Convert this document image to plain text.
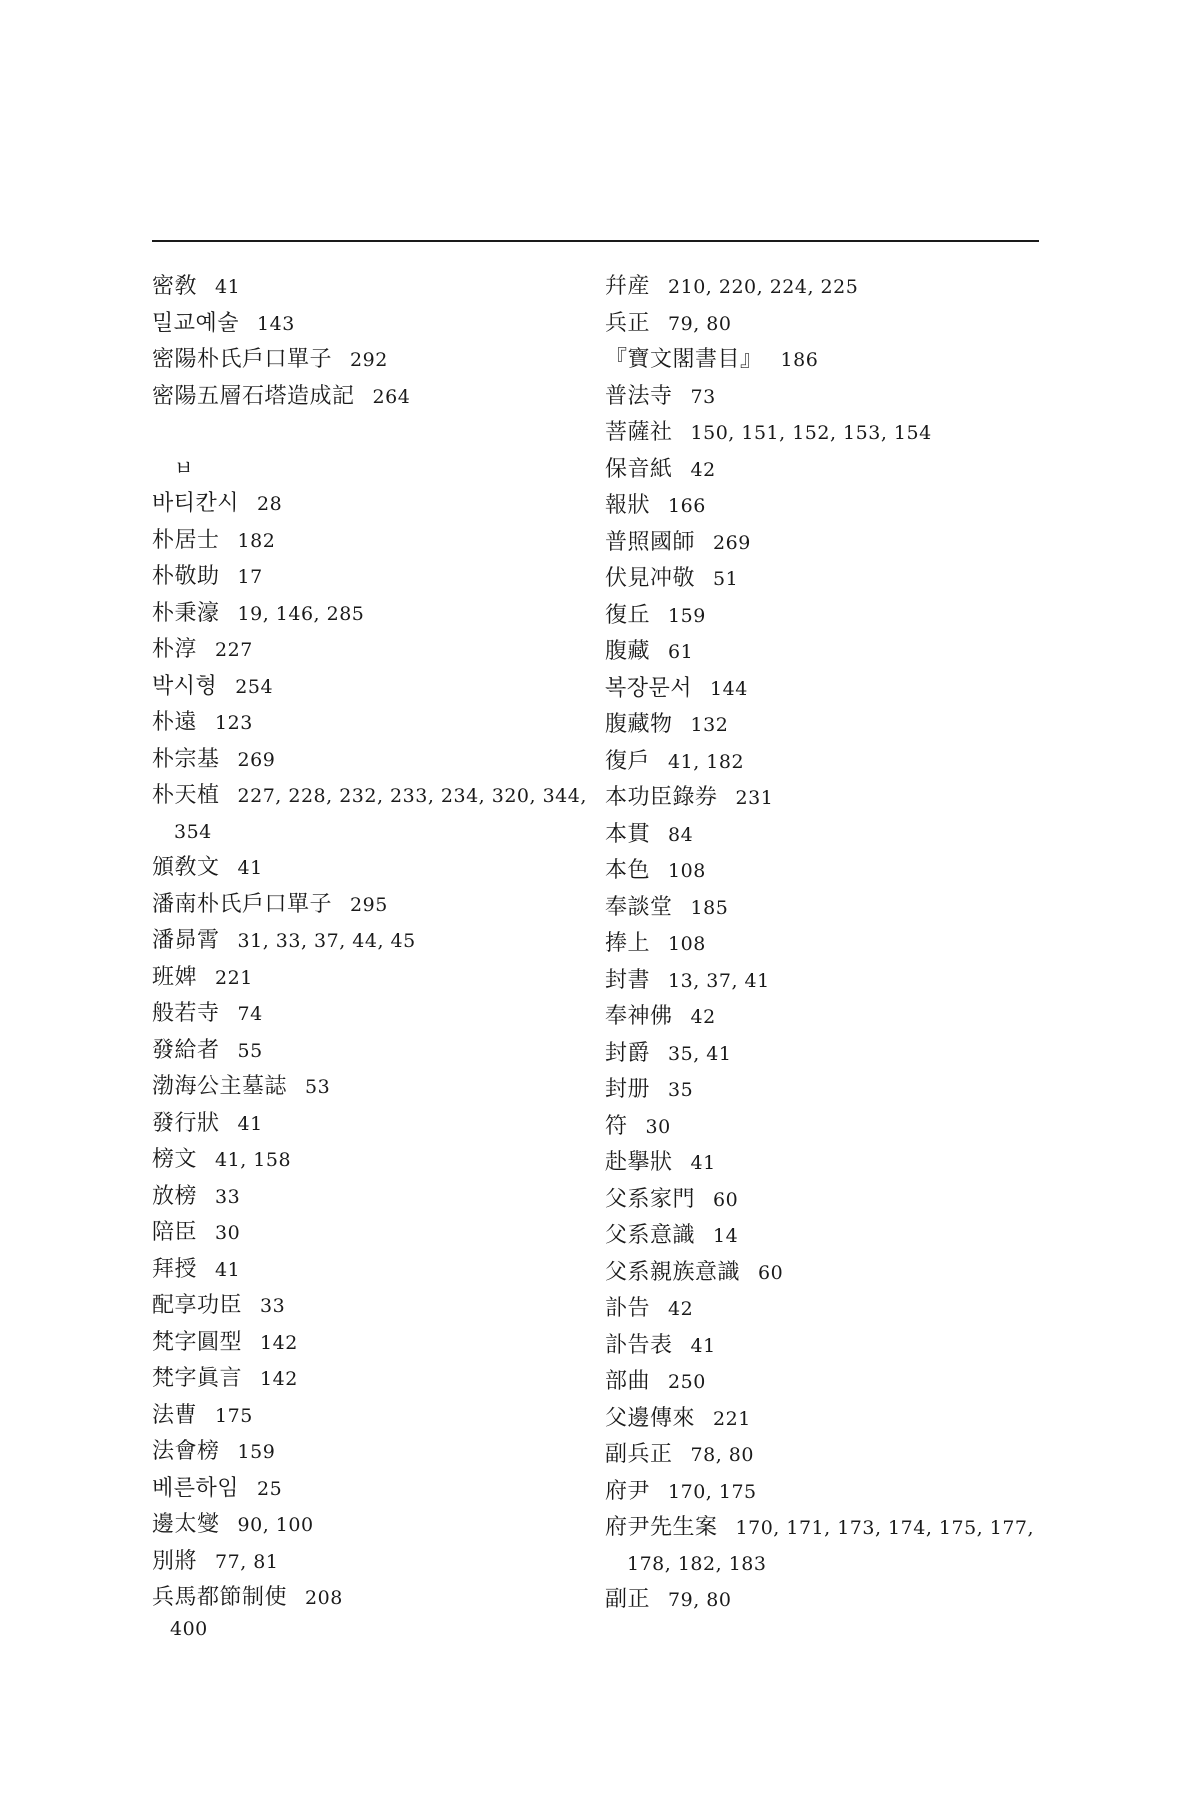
密敎 41
밀교예술 143
密陽朴氏戶口單子 292
密陽五層石塔造成記 264
ㅂ
바티칸시 28
朴居士 182
朴敬助 17
朴秉濠 19, 146, 285
朴淳 227
박시형 254
朴遠 123
朴宗基 269
朴天植 227, 228, 232, 233, 234, 320, 344,
354
頒敎文 41
潘南朴氏戶口單子 295
潘昴霄 31, 33, 37, 44, 45
班婢 221
般若寺 74
發給者 55
渤海公主墓誌 53
發行狀 41
榜文 41, 158
放榜 33
陪臣 30
拜授 41
配享功臣 33
梵字圓型 142
梵字眞言 142
法曹 175
法會榜 159
베른하임 25
邊太燮 90, 100
別將 77, 81
兵馬都節制使 208
幷産 210, 220, 224, 225
兵正 79, 80
『寶文閣書目』 186
普法寺 73
菩薩社 150, 151, 152, 153, 154
保音紙 42
報狀 166
普照國師 269
伏見冲敬 51
復丘 159
腹藏 61
복장문서 144
腹藏物 132
復戶 41, 182
本功臣錄券 231
本貫 84
本色 108
奉談堂 185
捧上 108
封書 13, 37, 41
奉神佛 42
封爵 35, 41
封册 35
符 30
赴擧狀 41
父系家門 60
父系意識 14
父系親族意識 60
訃告 42
訃告表 41
部曲 250
父邊傳來 221
副兵正 78, 80
府尹 170, 175
府尹先生案 170, 171, 173, 174, 175, 177,
178, 182, 183
副正 79, 80
400
